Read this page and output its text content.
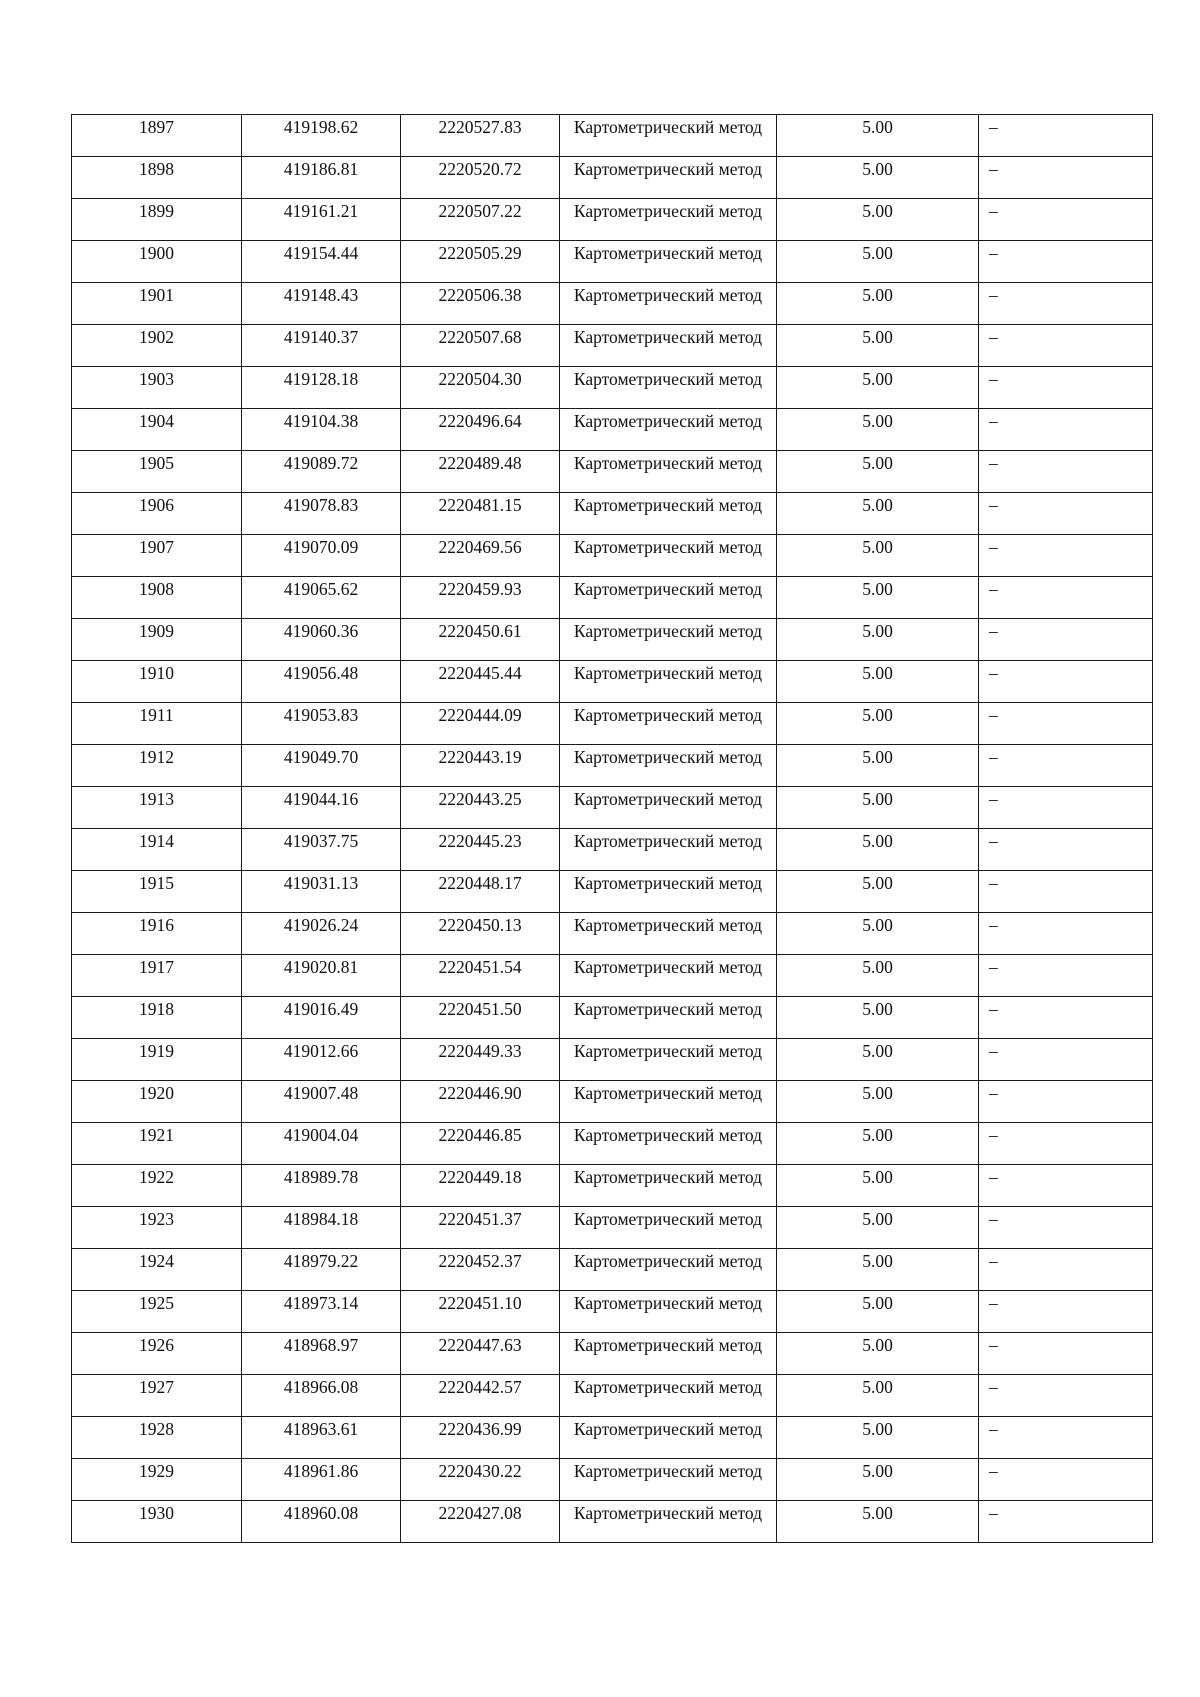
1897	419198.62	2220527.83	Картометрический метод	5.00	–

1898	419186.81	2220520.72	Картометрический метод	5.00	–

1899	419161.21	2220507.22	Картометрический метод	5.00	–

1900	419154.44	2220505.29	Картометрический метод	5.00	–

1901	419148.43	2220506.38	Картометрический метод	5.00	–

1902	419140.37	2220507.68	Картометрический метод	5.00	–

1903	419128.18	2220504.30	Картометрический метод	5.00	–

1904	419104.38	2220496.64	Картометрический метод	5.00	–

1905	419089.72	2220489.48	Картометрический метод	5.00	–

1906	419078.83	2220481.15	Картометрический метод	5.00	–

1907	419070.09	2220469.56	Картометрический метод	5.00	–

1908	419065.62	2220459.93	Картометрический метод	5.00	–

1909	419060.36	2220450.61	Картометрический метод	5.00	–

1910	419056.48	2220445.44	Картометрический метод	5.00	–

1911	419053.83	2220444.09	Картометрический метод	5.00	–

1912	419049.70	2220443.19	Картометрический метод	5.00	–

1913	419044.16	2220443.25	Картометрический метод	5.00	–

1914	419037.75	2220445.23	Картометрический метод	5.00	–

1915	419031.13	2220448.17	Картометрический метод	5.00	–

1916	419026.24	2220450.13	Картометрический метод	5.00	–

1917	419020.81	2220451.54	Картометрический метод	5.00	–

1918	419016.49	2220451.50	Картометрический метод	5.00	–

1919	419012.66	2220449.33	Картометрический метод	5.00	–

1920	419007.48	2220446.90	Картометрический метод	5.00	–

1921	419004.04	2220446.85	Картометрический метод	5.00	–

1922	418989.78	2220449.18	Картометрический метод	5.00	–

1923	418984.18	2220451.37	Картометрический метод	5.00	–

1924	418979.22	2220452.37	Картометрический метод	5.00	–

1925	418973.14	2220451.10	Картометрический метод	5.00	–

1926	418968.97	2220447.63	Картометрический метод	5.00	–

1927	418966.08	2220442.57	Картометрический метод	5.00	–

1928	418963.61	2220436.99	Картометрический метод	5.00	–

1929	418961.86	2220430.22	Картометрический метод	5.00	–

1930	418960.08	2220427.08	Картометрический метод	5.00	–
